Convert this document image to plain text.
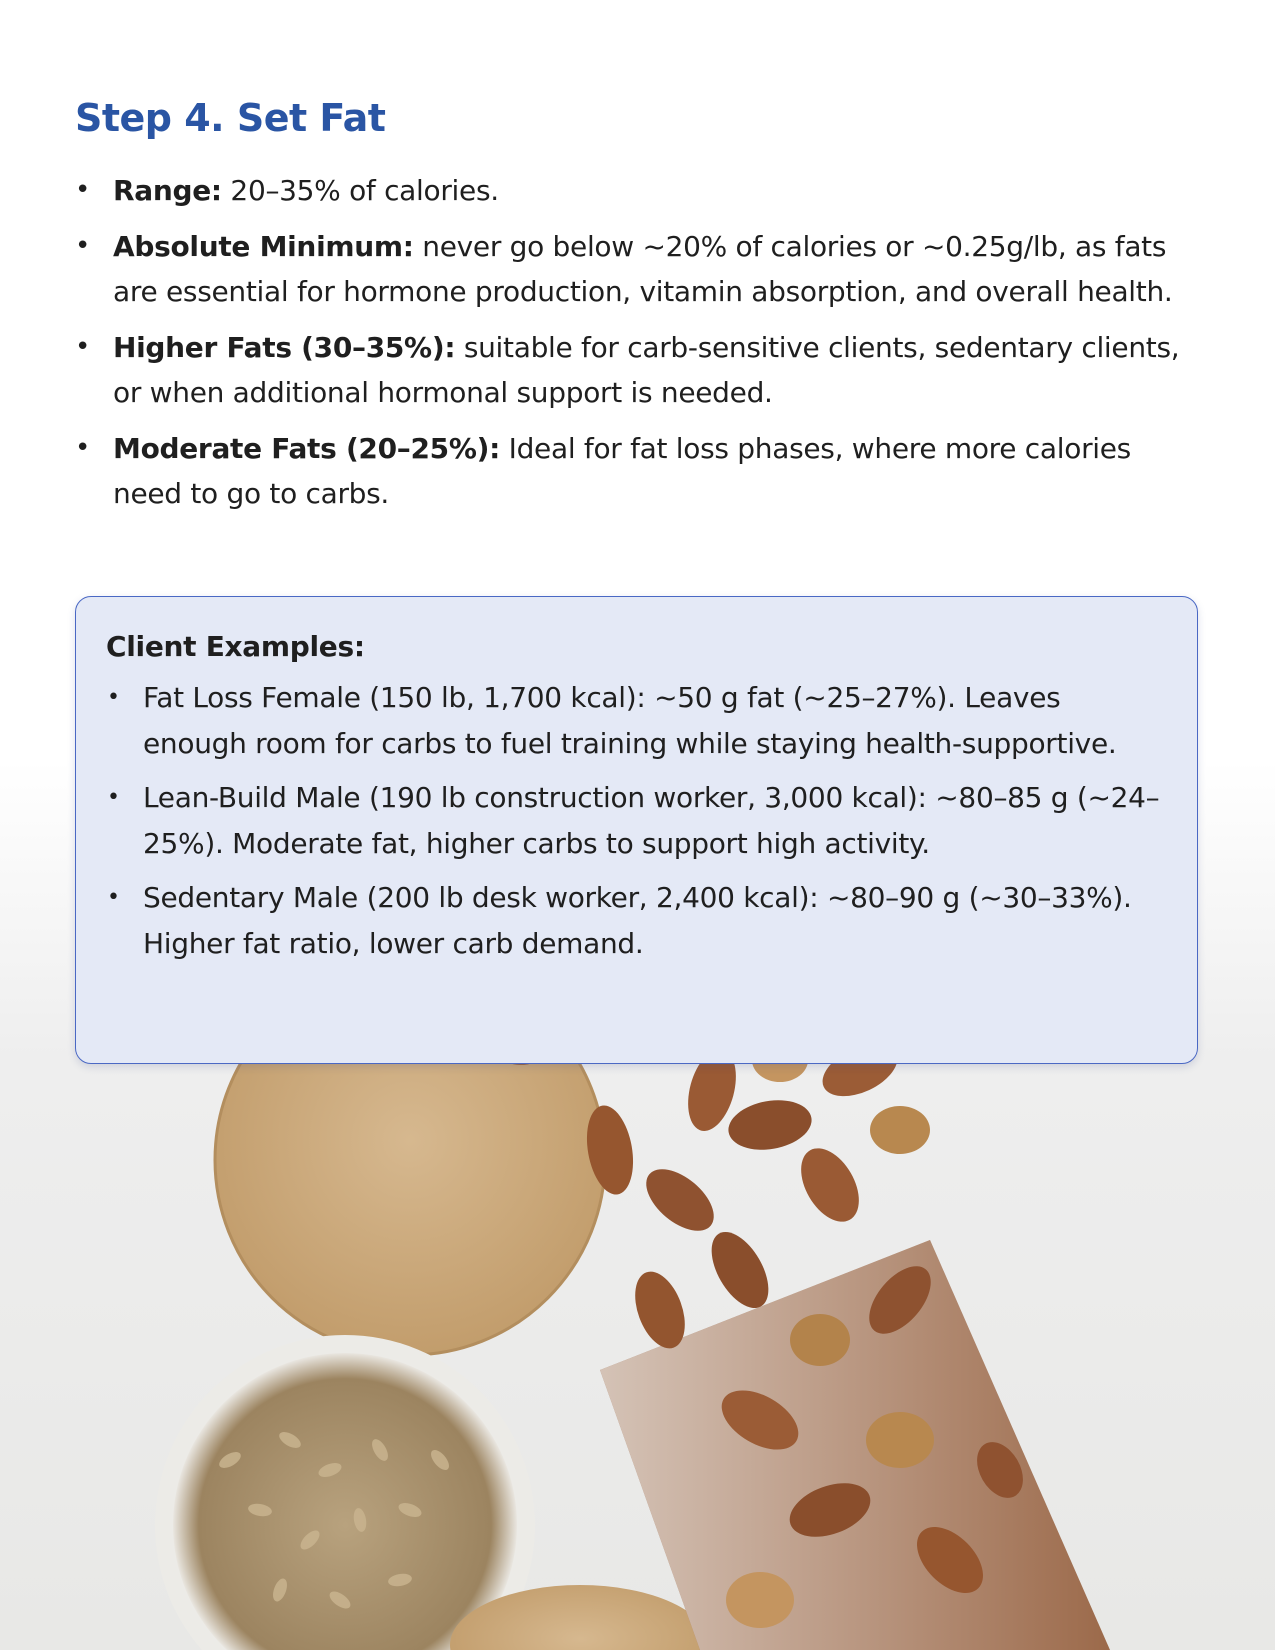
Step 4. Set Fat
• Range: 20–35% of calories.
• Absolute Minimum: never go below ~20% of calories or ~0.25g/lb, as fats are essential for hormone production, vitamin absorption, and overall health.
• Higher Fats (30–35%): suitable for carb-sensitive clients, sedentary clients, or when additional hormonal support is needed.
• Moderate Fats (20–25%): Ideal for fat loss phases, where more calories need to go to carbs.

Client Examples:

• Fat Loss Female (150 lb, 1,700 kcal): ~50 g fat (~25–27%). Leaves enough room for carbs to fuel training while staying health-supportive.
• Lean-Build Male (190 lb construction worker, 3,000 kcal): ~80–85 g (~24–25%). Moderate fat, higher carbs to support high activity.
• Sedentary Male (200 lb desk worker, 2,400 kcal): ~80–90 g (~30–33%). Higher fat ratio, lower carb demand.
